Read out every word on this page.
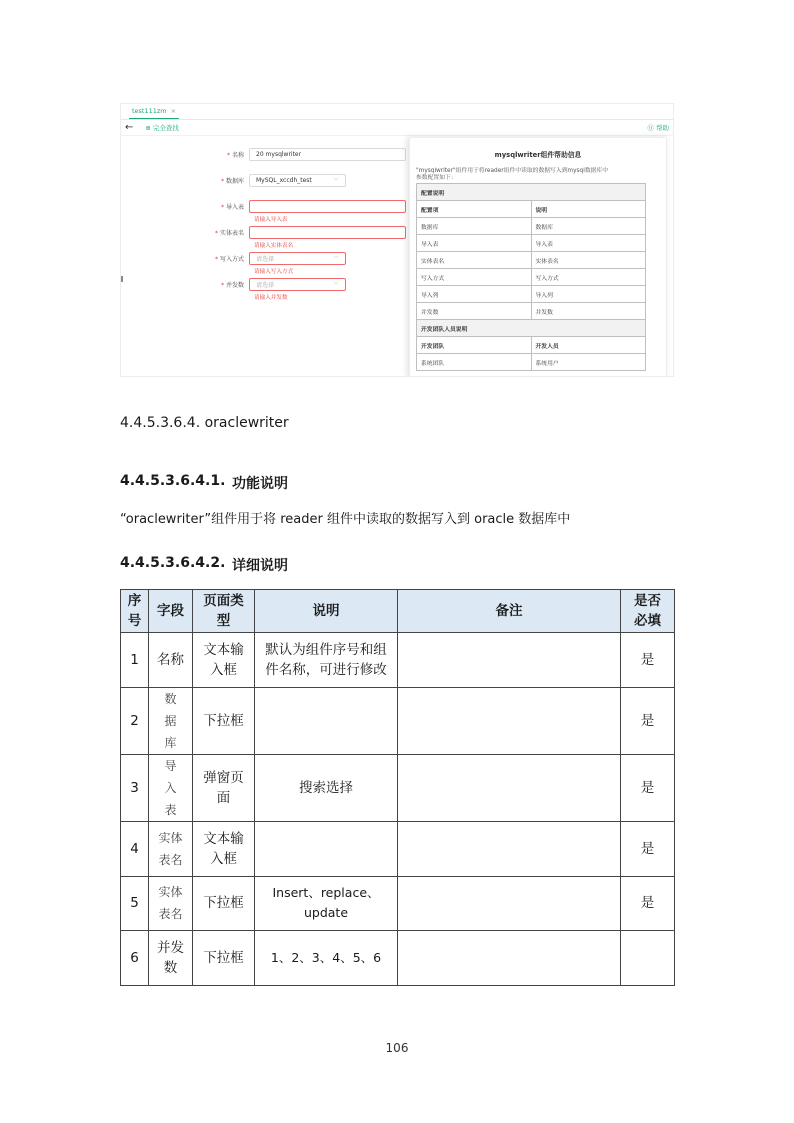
test111zm ×
← ⊕ 完全查找	⓪ 帮助
* 名称	20 mysqlwriter
* 数据库	MySQL_xccdh_test	﹀
* 导入表
请输入导入表
* 实体表名
请输入实体表名
* 写入方式	请选择	﹀
请输入写入方式
* 并发数	请选择	﹀
请输入并发数
mysqlwriter组件帮助信息
"mysqlwriter"组件用于将reader组件中读取的数据写入到mysql数据库中
参数配置如下：
配置说明	
配置项	说明
数据库	数据库
导入表	导入表
实体表名	实体表名
写入方式	写入方式
导入列	导入列
并发数	并发数
开发团队人员说明	
开发团队	开发人员
系统团队	系统用户
4.4.5.3.6.4. oraclewriter
4.4.5.3.6.4.1. 功能说明
“oraclewriter”组件用于将 reader 组件中读取的数据写入到 oracle 数据库中
4.4.5.3.6.4.2. 详细说明
序号	字段	页面类型	说明	备注	是否必填
1	名称	文本输入框	默认为组件序号和组件名称，可进行修改		是
2	数据库	下拉框			是
3	导入表	弹窗页面	搜索选择		是
4	实体表名	文本输入框			是
5	实体表名	下拉框	Insert、replace、update		是
6	并发数	下拉框	1、2、3、4、5、6		
106
